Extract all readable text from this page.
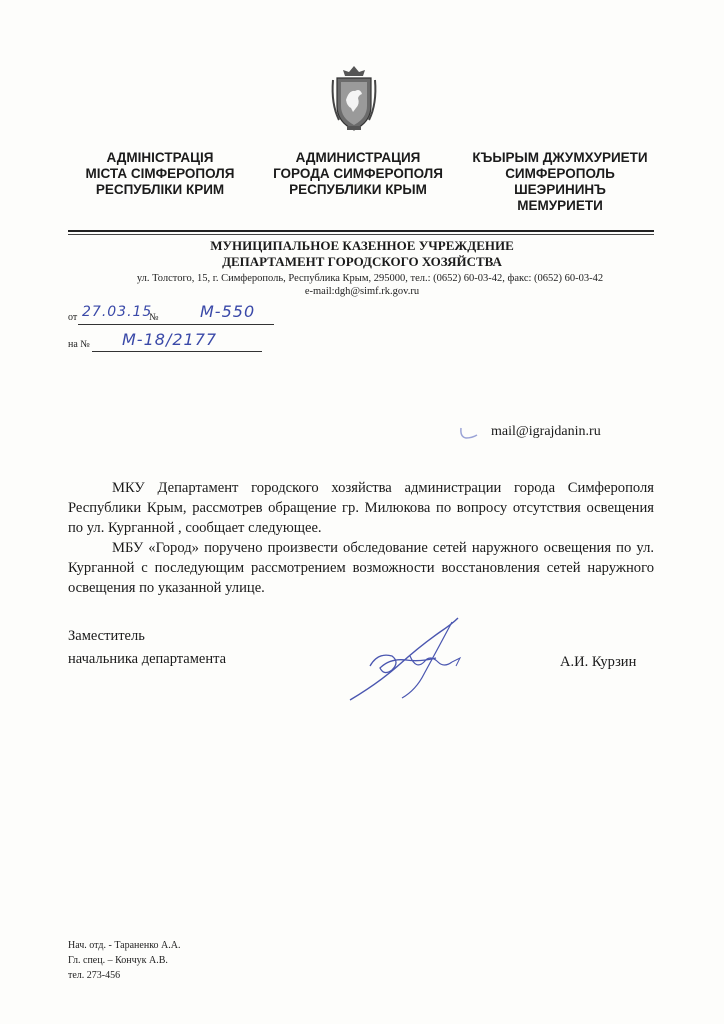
АДМІНІСТРАЦІЯ
МІСТА СІМФЕРОПОЛЯ
РЕСПУБЛІКИ КРИМ
АДМИНИСТРАЦИЯ
ГОРОДА СИМФЕРОПОЛЯ
РЕСПУБЛИКИ КРЫМ
КЪЫРЫМ ДЖУМХУРИЕТИ
СИМФЕРОПОЛЬ
ШЕЭРИНИНЪ
МЕМУРИЕТИ
МУНИЦИПАЛЬНОЕ КАЗЕННОЕ УЧРЕЖДЕНИЕ
ДЕПАРТАМЕНТ ГОРОДСКОГО ХОЗЯЙСТВА
ул. Толстого, 15, г. Симферополь, Республика Крым, 295000, тел.: (0652) 60-03-42, факс: (0652) 60-03-42
e-mail:dgh@simf.rk.gov.ru
от 27.03.15
№	М-550
на № М-18/2177
mail@igrajdanin.ru
МКУ Департамент городского хозяйства администрации города Симферополя Республики Крым, рассмотрев обращение гр. Милюкова по вопросу отсутствия освещения по ул. Курганной , сообщает следующее.
МБУ «Город» поручено произвести обследование сетей наружного освещения по ул. Курганной с последующим рассмотрением возможности восстановления сетей наружного освещения по указанной улице.
Заместитель
начальника департамента	А.И. Курзин
Нач. отд. - Тараненко А.А.
Гл. спец. – Кончук А.В.
тел. 273-456
